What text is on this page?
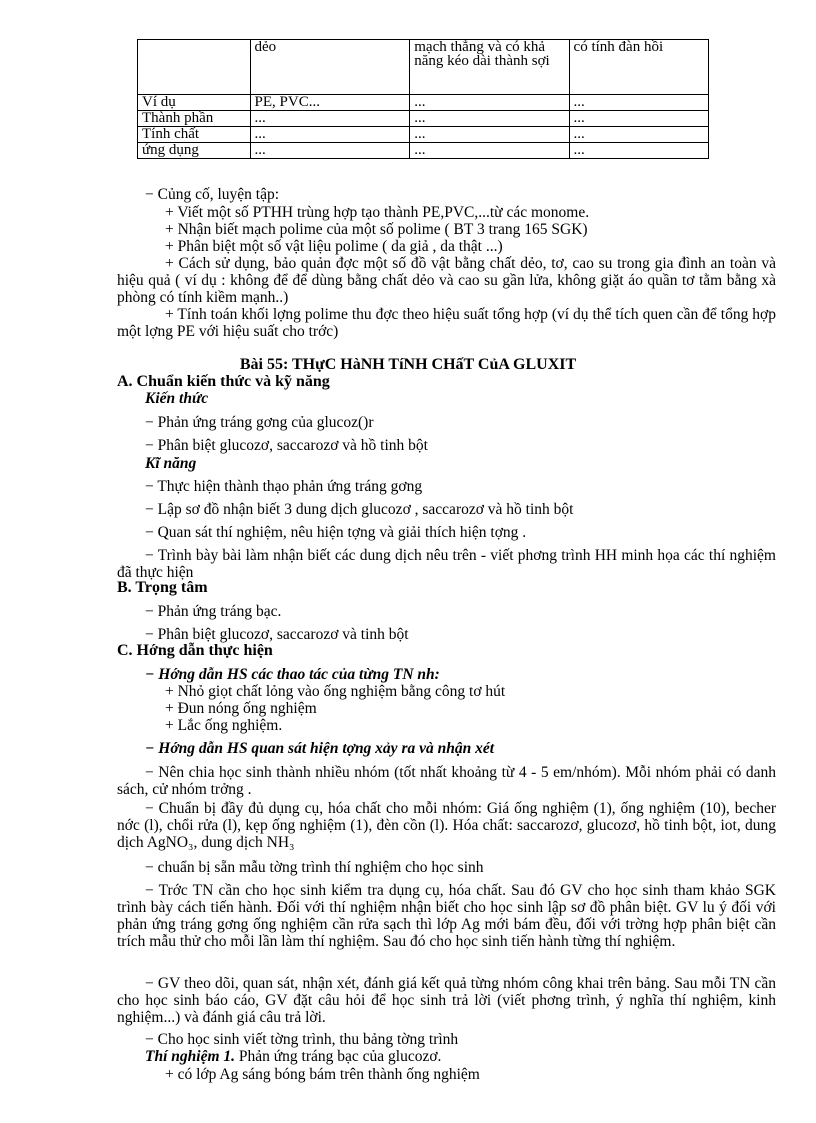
	dẻo	mạch thẳng và có khả năng kéo dài thành sợi	có tính đàn hồi
Ví dụ	PE, PVC...	...	...
Thành phần	...	...	...
Tính chất	...	...	...
ứng dụng	...	...	...
− Củng cố, luyện tập:
+ Viết một số PTHH trùng hợp tạo thành PE,PVC,...từ các monome.
+ Nhận biết mạch polime của một số polime ( BT 3 trang 165 SGK)
+ Phân biệt một số vật liệu polime ( da giả , da thật ...)
+ Cách sử dụng, bảo quản đợc một số đồ vật bằng chất dẻo, tơ, cao su trong gia đình an toàn và hiệu quả ( ví dụ : không để để dùng bằng chất dẻo và cao su gần lửa, không giặt áo quần tơ tằm bằng xà phòng có tính kiềm mạnh..)
+ Tính toán khối lợng polime thu đợc theo hiệu suất tổng hợp (ví dụ thể tích quen cần để tổng hợp một lợng PE với hiệu suất cho trớc)
Bài 55: THựC HàNH TíNH CHấT CủA GLUXIT
A. Chuẩn kiến thức và kỹ năng
Kiến thức
− Phản ứng tráng gơng của glucoz()r
− Phân biệt glucozơ, saccarozơ và hồ tinh bột
Kĩ năng
− Thực hiện thành thạo phản ứng tráng gơng
− Lập sơ đồ nhận biết 3 dung dịch glucozơ , saccarozơ và hồ tinh bột
− Quan sát thí nghiệm, nêu hiện tợng và giải thích hiện tợng .
− Trình bày bài làm nhận biết các dung dịch nêu trên - viết phơng trình HH minh họa các thí nghiệm đã thực hiện
B. Trọng tâm
− Phản ứng tráng bạc.
− Phân biệt glucozơ, saccarozơ và tinh bột
C. Hớng dẫn thực hiện
− Hớng dẫn HS các thao tác của từng TN nh:
+ Nhỏ giọt chất lỏng vào ống nghiệm bằng công tơ hút
+ Đun nóng ống nghiệm
+ Lắc ống nghiệm.
− Hớng dẫn HS quan sát hiện tợng xảy ra và nhận xét
− Nên chia học sinh thành nhiều nhóm (tốt nhất khoảng từ 4 - 5 em/nhóm). Mỗi nhóm phải có danh sách, cử nhóm trởng .
− Chuẩn bị đầy đủ dụng cụ, hóa chất cho mỗi nhóm: Giá ống nghiệm (1), ống nghiệm (10), becher nớc (l), chổi rửa (l), kẹp ống nghiệm (1), đèn cồn (l). Hóa chất: saccarozơ, glucozơ, hồ tinh bột, iot, dung dịch AgNO₃, dung dịch NH₃
− chuẩn bị sẵn mẫu tờng trình thí nghiệm cho học sinh
− Trớc TN cần cho học sinh kiểm tra dụng cụ, hóa chất. Sau đó GV cho học sinh tham khảo SGK trình bày cách tiến hành. Đối với thí nghiệm nhận biết cho học sinh lập sơ đồ phân biệt. GV lu ý đối với phản ứng tráng gơng ống nghiệm cần rửa sạch thì lớp Ag mới bám đều, đối với trờng hợp phân biệt cần trích mẫu thử cho mỗi lần làm thí nghiệm. Sau đó cho học sinh tiến hành từng thí nghiệm.
− GV theo dõi, quan sát, nhận xét, đánh giá kết quả từng nhóm công khai trên bảng. Sau mỗi TN cần cho học sinh báo cáo, GV đặt câu hỏi để học sinh trả lời (viết phơng trình, ý nghĩa thí nghiệm, kinh nghiệm...) và đánh giá câu trả lời.
− Cho học sinh viết tờng trình, thu bảng tờng trình
Thí nghiệm 1. Phản ứng tráng bạc của glucozơ.
+ có lớp Ag sáng bóng bám trên thành ống nghiệm
